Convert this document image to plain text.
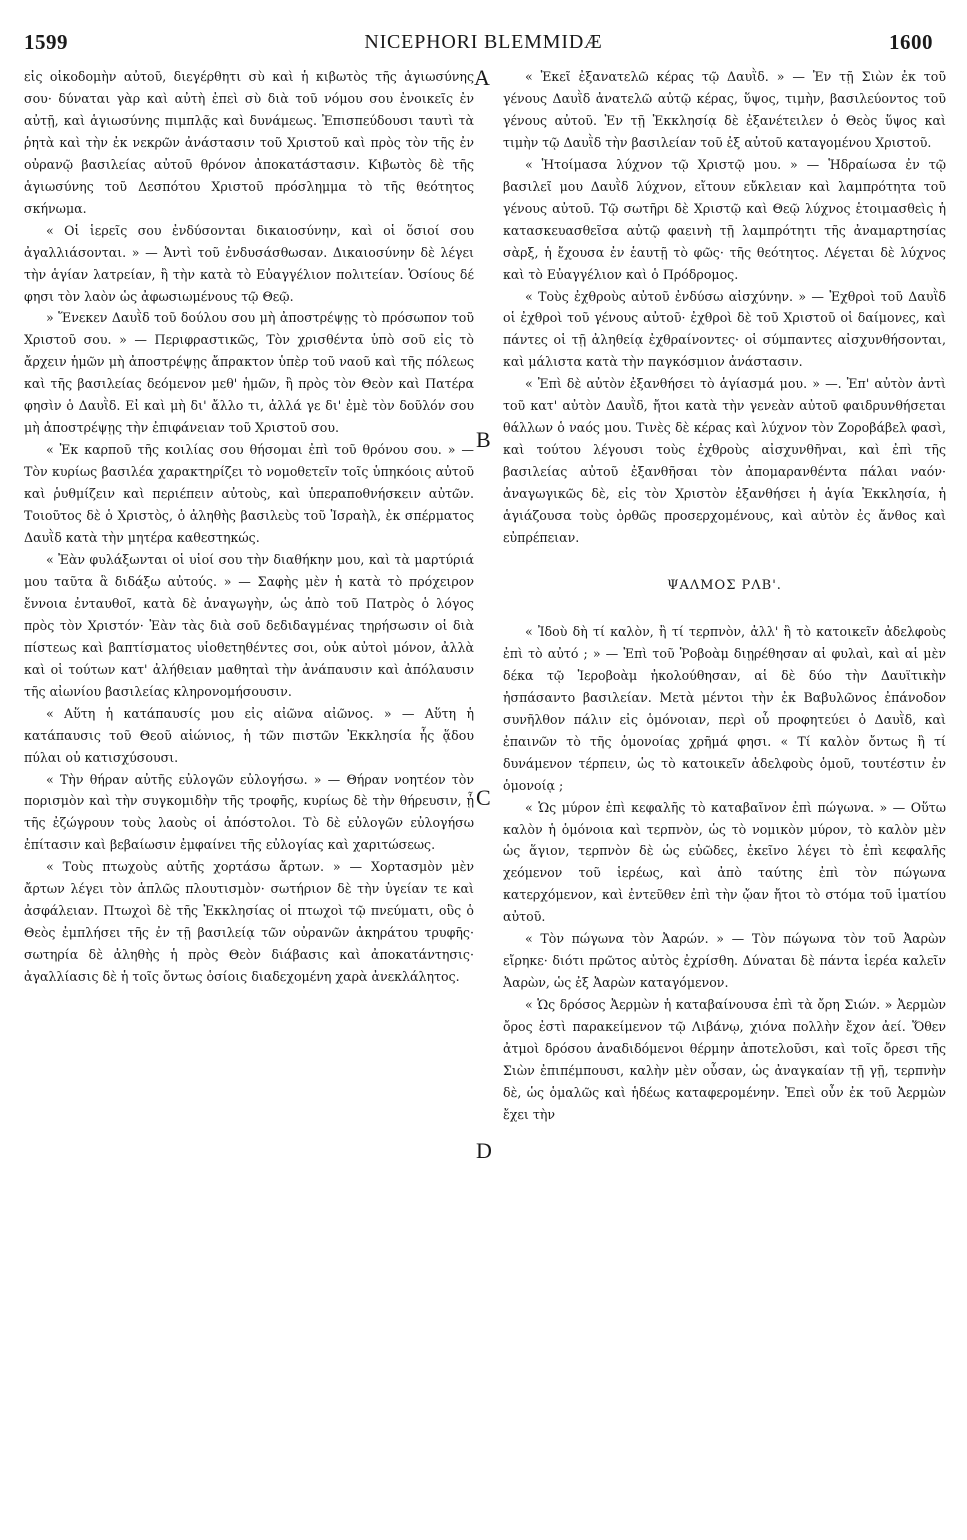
1599	NICEPHORI BLEMMIDÆ	1600
A
B
C
D

εἰς οἰκοδομὴν αὐτοῦ, διεγέρθητι σὺ καὶ ἡ κιβωτὸς τῆς ἁγιωσύνης σου· δύναται γὰρ καὶ αὐτὴ ἐπεὶ σὺ διὰ τοῦ νόμου σου ἐνοικεῖς ἐν αὐτῇ, καὶ ἁγιωσύνης πιμπλᾷς καὶ δυνάμεως. Ἐπισπεύδουσι ταυτὶ τὰ ῥητὰ καὶ τὴν ἐκ νεκρῶν ἀνάστασιν τοῦ Χριστοῦ καὶ πρὸς τὸν τῆς ἐν οὐρανῷ βασιλείας αὐτοῦ θρόνον ἀποκατάστασιν. Κιβωτὸς δὲ τῆς ἁγιωσύνης τοῦ Δεσπότου Χριστοῦ πρόσλημμα τὸ τῆς θεότητος σκήνωμα.

« Οἱ ἱερεῖς σου ἐνδύσονται δικαιοσύνην, καὶ οἱ ὅσιοί σου ἀγαλλιάσονται. » — Ἀντὶ τοῦ ἐνδυσάσθωσαν. Δικαιοσύνην δὲ λέγει τὴν ἁγίαν λατρείαν, ἢ τὴν κατὰ τὸ Εὐαγγέλιον πολιτείαν. Ὁσίους δέ φησι τὸν λαὸν ὡς ἀφωσιωμένους τῷ Θεῷ.

» Ἕνεκεν Δαυῒδ τοῦ δούλου σου μὴ ἀποστρέψῃς τὸ πρόσωπον τοῦ Χριστοῦ σου. » — Περιφραστικῶς, Τὸν χρισθέντα ὑπὸ σοῦ εἰς τὸ ἄρχειν ἡμῶν μὴ ἀποστρέψῃς ἄπρακτον ὑπὲρ τοῦ ναοῦ καὶ τῆς πόλεως καὶ τῆς βασιλείας δεόμενον μεθ' ἡμῶν, ἢ πρὸς τὸν Θεὸν καὶ Πατέρα φησὶν ὁ Δαυῒδ. Εἰ καὶ μὴ δι' ἄλλο τι, ἀλλά γε δι' ἐμὲ τὸν δοῦλόν σου μὴ ἀποστρέψῃς τὴν ἐπιφάνειαν τοῦ Χριστοῦ σου.

« Ἐκ καρποῦ τῆς κοιλίας σου θήσομαι ἐπὶ τοῦ θρόνου σου. » — Τὸν κυρίως βασιλέα χαρακτηρίζει τὸ νομοθετεῖν τοῖς ὑπηκόοις αὐτοῦ καὶ ῥυθμίζειν καὶ περιέπειν αὐτοὺς, καὶ ὑπεραποθνήσκειν αὐτῶν. Τοιοῦτος δὲ ὁ Χριστὸς, ὁ ἀληθὴς βασιλεὺς τοῦ Ἰσραὴλ, ἐκ σπέρματος Δαυῒδ κατὰ τὴν μητέρα καθεστηκώς.

« Ἐὰν φυλάξωνται οἱ υἱοί σου τὴν διαθήκην μου, καὶ τὰ μαρτύριά μου ταῦτα ἃ διδάξω αὐτούς. » — Σαφὴς μὲν ἡ κατὰ τὸ πρόχειρον ἔννοια ἐνταυθοῖ, κατὰ δὲ ἀναγωγὴν, ὡς ἀπὸ τοῦ Πατρὸς ὁ λόγος πρὸς τὸν Χριστόν· Ἐὰν τὰς διὰ σοῦ δεδιδαγμένας τηρήσωσιν οἱ διὰ πίστεως καὶ βαπτίσματος υἱοθετηθέντες σοι, οὐκ αὐτοὶ μόνον, ἀλλὰ καὶ οἱ τούτων κατ' ἀλήθειαν μαθηταὶ τὴν ἀνάπαυσιν καὶ ἀπόλαυσιν τῆς αἰωνίου βασιλείας κληρονομήσουσιν.

« Αὕτη ἡ κατάπαυσίς μου εἰς αἰῶνα αἰῶνος. » — Αὕτη ἡ κατάπαυσις τοῦ Θεοῦ αἰώνιος, ἡ τῶν πιστῶν Ἐκκλησία ἧς ᾅδου πύλαι οὐ κατισχύσουσι.

« Τὴν θήραν αὐτῆς εὐλογῶν εὐλογήσω. » — Θήραν νοητέον τὸν πορισμὸν καὶ τὴν συγκομιδὴν τῆς τροφῆς, κυρίως δὲ τὴν θήρευσιν, ᾗ τῆς ἐζώγρουν τοὺς λαοὺς οἱ ἀπόστολοι. Τὸ δὲ εὐλογῶν εὐλογήσω ἐπίτασιν καὶ βεβαίωσιν ἐμφαίνει τῆς εὐλογίας καὶ χαριτώσεως.

« Τοὺς πτωχοὺς αὐτῆς χορτάσω ἄρτων. » — Χορτασμὸν μὲν ἄρτων λέγει τὸν ἁπλῶς πλουτισμὸν· σωτήριον δὲ τὴν ὑγείαν τε καὶ ἀσφάλειαν. Πτωχοὶ δὲ τῆς Ἐκκλησίας οἱ πτωχοὶ τῷ πνεύματι, οὓς ὁ Θεὸς ἐμπλήσει τῆς ἐν τῇ βασιλείᾳ τῶν οὐρανῶν ἀκηράτου τρυφῆς· σωτηρία δὲ ἀληθὴς ἡ πρὸς Θεὸν διάβασις καὶ ἀποκατάντησις· ἀγαλλίασις δὲ ἡ τοῖς ὄντως ὁσίοις διαδεχομένη χαρὰ ἀνεκλάλητος.

« Ἐκεῖ ἐξανατελῶ κέρας τῷ Δαυῒδ. » — Ἐν τῇ Σιὼν ἐκ τοῦ γένους Δαυῒδ ἀνατελῶ αὐτῷ κέρας, ὕψος, τιμὴν, βασιλεύοντος τοῦ γένους αὐτοῦ. Ἐν τῇ Ἐκκλησίᾳ δὲ ἐξανέτειλεν ὁ Θεὸς ὕψος καὶ τιμὴν τῷ Δαυῒδ τὴν βασιλείαν τοῦ ἐξ αὐτοῦ καταγομένου Χριστοῦ.

« Ἡτοίμασα λύχνον τῷ Χριστῷ μου. » — Ἡδραίωσα ἐν τῷ βασιλεῖ μου Δαυῒδ λύχνον, εἴτουν εὔκλειαν καὶ λαμπρότητα τοῦ γένους αὐτοῦ. Τῷ σωτῆρι δὲ Χριστῷ καὶ Θεῷ λύχνος ἑτοιμασθεὶς ἡ κατασκευασθεῖσα αὐτῷ φαεινὴ τῇ λαμπρότητι τῆς ἀναμαρτησίας σὰρξ, ἡ ἔχουσα ἐν ἑαυτῇ τὸ φῶς· τῆς θεότητος. Λέγεται δὲ λύχνος καὶ τὸ Εὐαγγέλιον καὶ ὁ Πρόδρομος.

« Τοὺς ἐχθροὺς αὐτοῦ ἐνδύσω αἰσχύνην. » — Ἐχθροὶ τοῦ Δαυῒδ οἱ ἐχθροὶ τοῦ γένους αὐτοῦ· ἐχθροὶ δὲ τοῦ Χριστοῦ οἱ δαίμονες, καὶ πάντες οἱ τῇ ἀληθείᾳ ἐχθραίνοντες· οἱ σύμπαντες αἰσχυνθήσονται, καὶ μάλιστα κατὰ τὴν παγκόσμιον ἀνάστασιν.

« Ἐπὶ δὲ αὐτὸν ἐξανθήσει τὸ ἁγίασμά μου. » —. Ἐπ' αὐτὸν ἀντὶ τοῦ κατ' αὐτὸν Δαυῒδ, ἤτοι κατὰ τὴν γενεὰν αὐτοῦ φαιδρυνθήσεται θάλλων ὁ ναός μου. Τινὲς δὲ κέρας καὶ λύχνον τὸν Ζοροβάβελ φασὶ, καὶ τούτου λέγουσι τοὺς ἐχθροὺς αἰσχυνθῆναι, καὶ ἐπὶ τῆς βασιλείας αὐτοῦ ἐξανθῆσαι τὸν ἀπομαρανθέντα πάλαι ναόν· ἀναγωγικῶς δὲ, εἰς τὸν Χριστὸν ἐξανθήσει ἡ ἁγία Ἐκκλησία, ἡ ἁγιάζουσα τοὺς ὀρθῶς προσερχομένους, καὶ αὐτὸν ἐς ἄνθος καὶ εὐπρέπειαν.

ΨΑΛΜΟΣ ΡΛΒ'.

« Ἰδοὺ δὴ τί καλὸν, ἢ τί τερπνὸν, ἀλλ' ἢ τὸ κατοικεῖν ἀδελφοὺς ἐπὶ τὸ αὐτό ; » — Ἐπὶ τοῦ Ῥοβοὰμ διῃρέθησαν αἱ φυλαὶ, καὶ αἱ μὲν δέκα τῷ Ἱεροβοὰμ ἠκολούθησαν, αἱ δὲ δύο τὴν Δαυϊτικὴν ἠσπάσαντο βασιλείαν. Μετὰ μέντοι τὴν ἐκ Βαβυλῶνος ἐπάνοδον συνῆλθον πάλιν εἰς ὁμόνοιαν, περὶ οὗ προφητεύει ὁ Δαυῒδ, καὶ ἐπαινῶν τὸ τῆς ὁμονοίας χρῆμά φησι. « Τί καλὸν ὄντως ἢ τί δυνάμενον τέρπειν, ὡς τὸ κατοικεῖν ἀδελφοὺς ὁμοῦ, τουτέστιν ἐν ὁμονοίᾳ ;

« Ὡς μύρον ἐπὶ κεφαλῆς τὸ καταβαῖνον ἐπὶ πώγωνα. » — Οὕτω καλὸν ἡ ὁμόνοια καὶ τερπνὸν, ὡς τὸ νομικὸν μύρον, τὸ καλὸν μὲν ὡς ἅγιον, τερπνὸν δὲ ὡς εὐῶδες, ἐκεῖνο λέγει τὸ ἐπὶ κεφαλῆς χεόμενον τοῦ ἱερέως, καὶ ἀπὸ ταύτης ἐπὶ τὸν πώγωνα κατερχόμενον, καὶ ἐντεῦθεν ἐπὶ τὴν ᾤαν ἤτοι τὸ στόμα τοῦ ἱματίου αὐτοῦ.

« Τὸν πώγωνα τὸν Ἀαρών. » — Τὸν πώγωνα τὸν τοῦ Ἀαρὼν εἴρηκε· διότι πρῶτος αὐτὸς ἐχρίσθη. Δύναται δὲ πάντα ἱερέα καλεῖν Ἀαρὼν, ὡς ἐξ Ἀαρὼν καταγόμενον.

« Ὡς δρόσος Ἀερμὼν ἡ καταβαίνουσα ἐπὶ τὰ ὄρη Σιών. » Ἀερμὼν ὄρος ἐστὶ παρακείμενον τῷ Λιβάνῳ, χιόνα πολλὴν ἔχον ἀεί. Ὅθεν ἀτμοὶ δρόσου ἀναδιδόμενοι θέρμην ἀποτελοῦσι, καὶ τοῖς ὄρεσι τῆς Σιὼν ἐπιπέμπουσι, καλὴν μὲν οὖσαν, ὡς ἀναγκαίαν τῇ γῇ, τερπνὴν δὲ, ὡς ὁμαλῶς καὶ ἡδέως καταφερομένην. Ἐπεὶ οὖν ἐκ τοῦ Ἀερμὼν ἔχει τὴν
